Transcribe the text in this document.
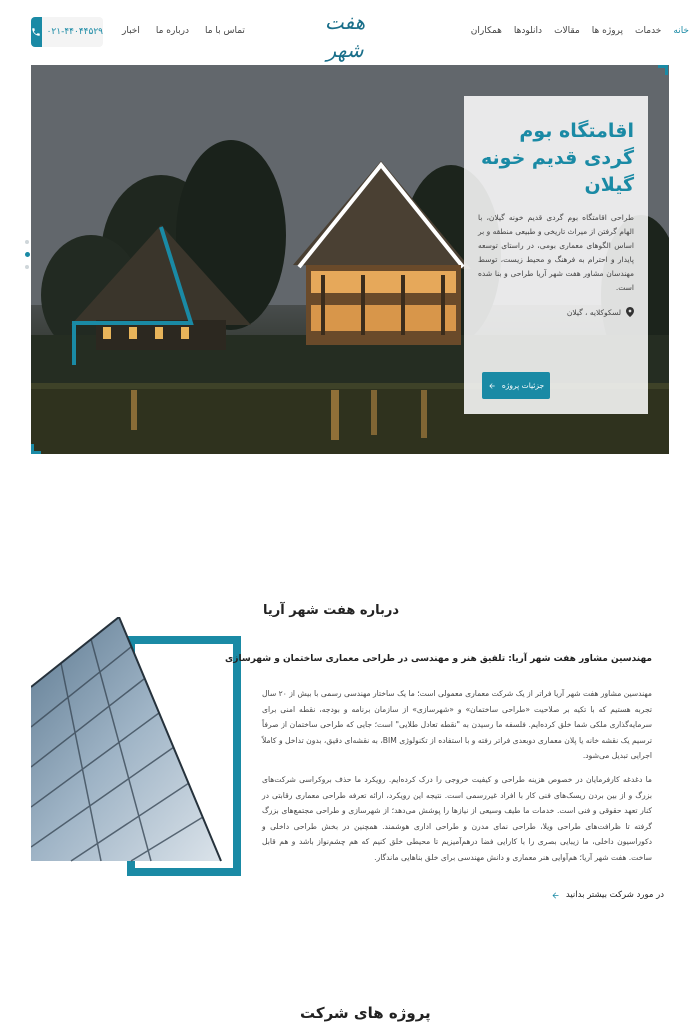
۰۲۱-۴۴۰۴۴۵۲۹	تماس با ما
درباره ما
اخبار	هفت شهر
خانه
خدمات
پروژه ها
مقالات
دانلودها
همکاران
اقامتگاه بوم گردی قدیم خونه گیلان

طراحی اقامتگاه بوم گردی قدیم خونه گیلان، با الهام گرفتن از میراث تاریخی و طبیعی منطقه و بر اساس الگوهای معماری بومی، در راستای توسعه پایدار و احترام به فرهنگ و محیط زیست، توسط مهندسان مشاور هفت شهر آریا طراحی و بنا شده است.

لسکوکلایه ، گیلان
جزئیات پروژه
درباره هفت شهر آریا
مهندسین مشاور هفت شهر آریا: تلفیق هنر و مهندسی در طراحی معماری ساختمان و شهرسازی

مهندسین مشاور هفت شهر آریا فراتر از یک شرکت معماری معمولی است؛ ما یک ساختار مهندسی رسمی با بیش از ۲۰ سال تجربه هستیم که با تکیه بر صلاحیت «طراحی ساختمان» و «شهرسازی» از سازمان برنامه و بودجه، نقطه امنی برای سرمایه‌گذاری ملکی شما خلق کرده‌ایم. فلسفه ما رسیدن به "نقطه تعادل طلایی" است؛ جایی که طراحی ساختمان از صرفاً ترسیم یک نقشه خانه یا پلان معماری دوبعدی فراتر رفته و با استفاده از تکنولوژی BIM، به نقشه‌ای دقیق، بدون تداخل و کاملاً اجرایی تبدیل می‌شود.

ما دغدغه کارفرمایان در خصوص هزینه طراحی و کیفیت خروجی را درک کرده‌ایم. رویکرد ما حذف بروکراسی شرکت‌های بزرگ و از بین بردن ریسک‌های فنی کار با افراد غیررسمی است. نتیجه این رویکرد، ارائه تعرفه طراحی معماری رقابتی در کنار تعهد حقوقی و فنی است. خدمات ما طیف وسیعی از نیازها را پوشش می‌دهد؛ از شهرسازی و طراحی مجتمع‌های بزرگ گرفته تا ظرافت‌های طراحی ویلا، طراحی نمای مدرن و طراحی اداری هوشمند. همچنین در بخش طراحی داخلی و دکوراسیون داخلی، ما زیبایی بصری را با کارایی فضا درهم‌آمیزیم تا محیطی خلق کنیم که هم چشم‌نواز باشد و هم قابل ساخت. هفت شهر آریا؛ هم‌آوایی هنر معماری و دانش مهندسی برای خلق بناهایی ماندگار.

در مورد شرکت بیشتر بدانید
پروژه های شرکت
